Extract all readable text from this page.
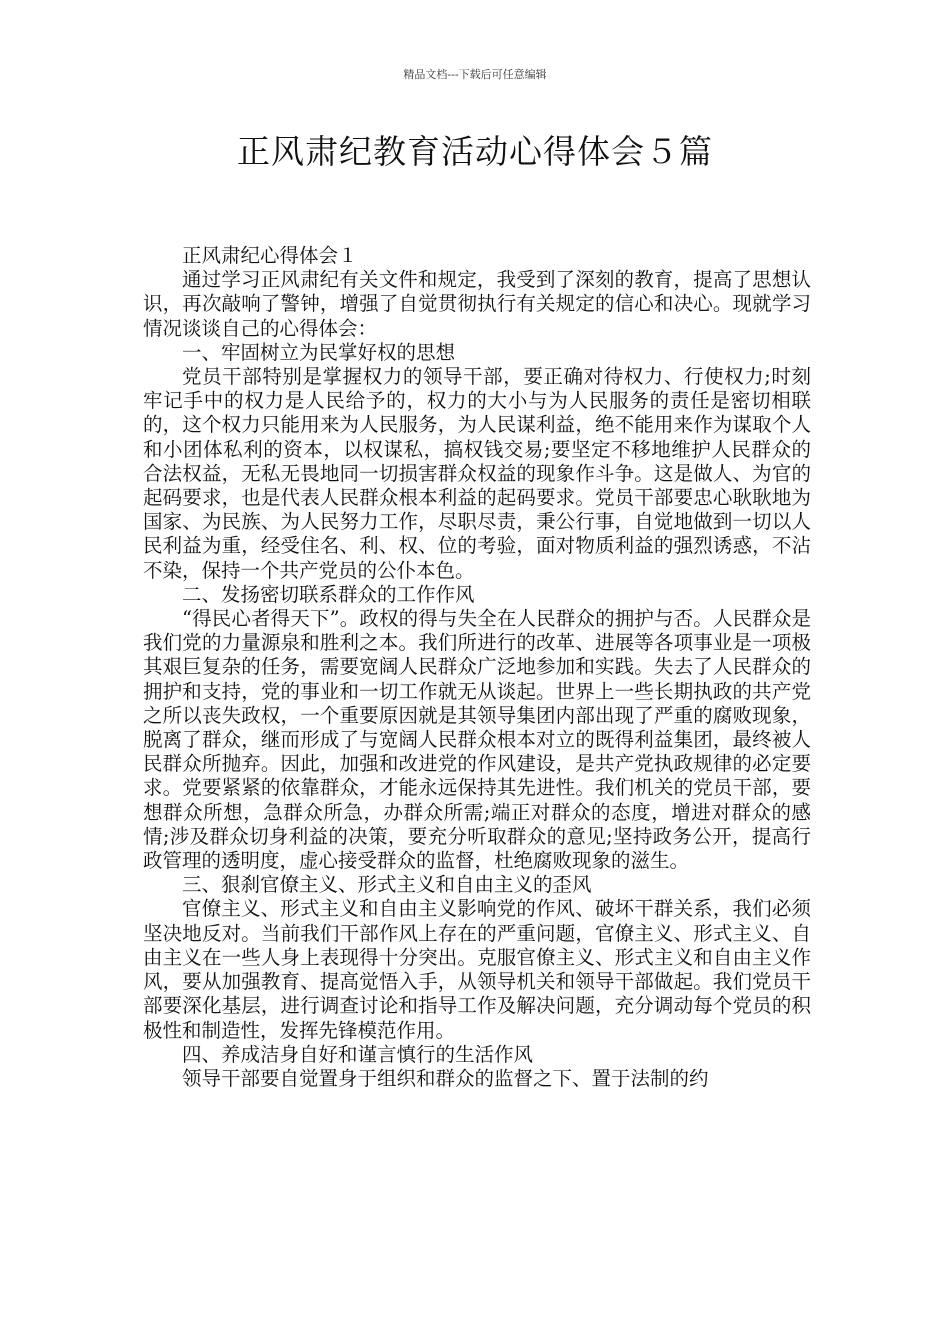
精品文档---下载后可任意编辑
正风肃纪教育活动心得体会５篇

正风肃纪心得体会１

通过学习正风肃纪有关文件和规定，我受到了深刻的教育，提高了思想认识，再次敲响了警钟，增强了自觉贯彻执行有关规定的信心和决心。现就学习情况谈谈自己的心得体会：

一、牢固树立为民掌好权的思想

党员干部特别是掌握权力的领导干部，要正确对待权力、行使权力;时刻牢记手中的权力是人民给予的，权力的大小与为人民服务的责任是密切相联的，这个权力只能用来为人民服务，为人民谋利益，绝不能用来作为谋取个人和小团体私利的资本，以权谋私，搞权钱交易;要坚定不移地维护人民群众的合法权益，无私无畏地同一切损害群众权益的现象作斗争。这是做人、为官的起码要求，也是代表人民群众根本利益的起码要求。党员干部要忠心耿耿地为国家、为民族、为人民努力工作，尽职尽责，秉公行事，自觉地做到一切以人民利益为重，经受住名、利、权、位的考验，面对物质利益的强烈诱惑，不沾不染，保持一个共产党员的公仆本色。

二、发扬密切联系群众的工作作风

“得民心者得天下”。政权的得与失全在人民群众的拥护与否。人民群众是我们党的力量源泉和胜利之本。我们所进行的改革、进展等各项事业是一项极其艰巨复杂的任务，需要宽阔人民群众广泛地参加和实践。失去了人民群众的拥护和支持，党的事业和一切工作就无从谈起。世界上一些长期执政的共产党之所以丧失政权，一个重要原因就是其领导集团内部出现了严重的腐败现象，脱离了群众，继而形成了与宽阔人民群众根本对立的既得利益集团，最终被人民群众所抛弃。因此，加强和改进党的作风建设，是共产党执政规律的必定要求。党要紧紧的依靠群众，才能永远保持其先进性。我们机关的党员干部，要想群众所想，急群众所急，办群众所需;端正对群众的态度，增进对群众的感情;涉及群众切身利益的决策，要充分听取群众的意见;坚持政务公开，提高行政管理的透明度，虚心接受群众的监督，杜绝腐败现象的滋生。

三、狠刹官僚主义、形式主义和自由主义的歪风

官僚主义、形式主义和自由主义影响党的作风、破坏干群关系，我们必须坚决地反对。当前我们干部作风上存在的严重问题，官僚主义、形式主义、自由主义在一些人身上表现得十分突出。克服官僚主义、形式主义和自由主义作风，要从加强教育、提高觉悟入手，从领导机关和领导干部做起。我们党员干部要深化基层，进行调查讨论和指导工作及解决问题，充分调动每个党员的积极性和制造性，发挥先锋模范作用。

四、养成洁身自好和谨言慎行的生活作风

领导干部要自觉置身于组织和群众的监督之下、置于法制的约
